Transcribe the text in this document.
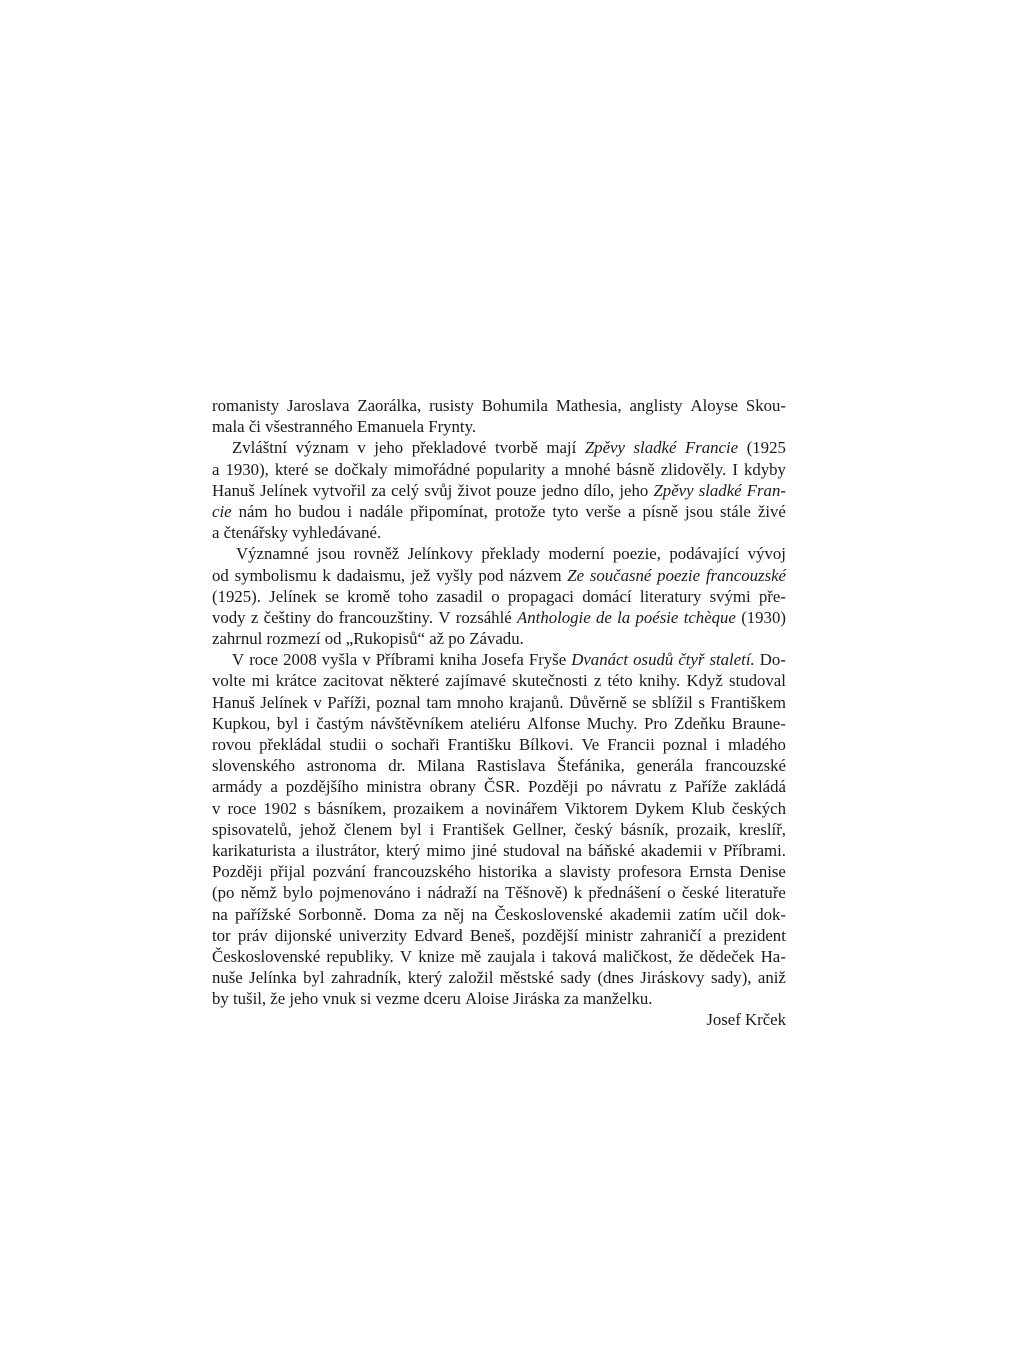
romanisty Jaroslava Zaorálka, rusisty Bohumila Mathesia, anglisty Aloyse Skou-
mala či všestranného Emanuela Frynty.
Zvláštní význam v jeho překladové tvorbě mají Zpěvy sladké Francie (1925
a 1930), které se dočkaly mimořádné popularity a mnohé básně zlidověly. I kdyby
Hanuš Jelínek vytvořil za celý svůj život pouze jedno dílo, jeho Zpěvy sladké Fran-
cie nám ho budou i nadále připomínat, protože tyto verše a písně jsou stále živé
a čtenářsky vyhledávané.
Významné jsou rovněž Jelínkovy překlady moderní poezie, podávající vývoj
od symbolismu k dadaismu, jež vyšly pod názvem Ze současné poezie francouzské
(1925). Jelínek se kromě toho zasadil o propagaci domácí literatury svými pře-
vody z češtiny do francouzštiny. V rozsáhlé Anthologie de la poésie tchèque (1930)
zahrnul rozmezí od „Rukopisů“ až po Závadu.
V roce 2008 vyšla v Příbrami kniha Josefa Fryše Dvanáct osudů čtyř staletí. Do-
volte mi krátce zacitovat některé zajímavé skutečnosti z této knihy. Když studoval
Hanuš Jelínek v Paříži, poznal tam mnoho krajanů. Důvěrně se sblížil s Františkem
Kupkou, byl i častým návštěvníkem ateliéru Alfonse Muchy. Pro Zdeňku Braune-
rovou překládal studii o sochaři Františku Bílkovi. Ve Francii poznal i mladého
slovenského astronoma dr. Milana Rastislava Štefánika, generála francouzské
armády a pozdějšího ministra obrany ČSR. Později po návratu z Paříže zakládá
v roce 1902 s básníkem, prozaikem a novinářem Viktorem Dykem Klub českých
spisovatelů, jehož členem byl i František Gellner, český básník, prozaik, kreslíř,
karikaturista a ilustrátor, který mimo jiné studoval na báňské akademii v Příbrami.
Později přijal pozvání francouzského historika a slavisty profesora Ernsta Denise
(po němž bylo pojmenováno i nádraží na Těšnově) k přednášení o české literatuře
na pařížské Sorbonně. Doma za něj na Československé akademii zatím učil dok-
tor práv dijonské univerzity Edvard Beneš, pozdější ministr zahraničí a prezident
Československé republiky. V knize mě zaujala i taková maličkost, že dědeček Ha-
nuše Jelínka byl zahradník, který založil městské sady (dnes Jiráskovy sady), aniž
by tušil, že jeho vnuk si vezme dceru Aloise Jiráska za manželku.
Josef Krček
